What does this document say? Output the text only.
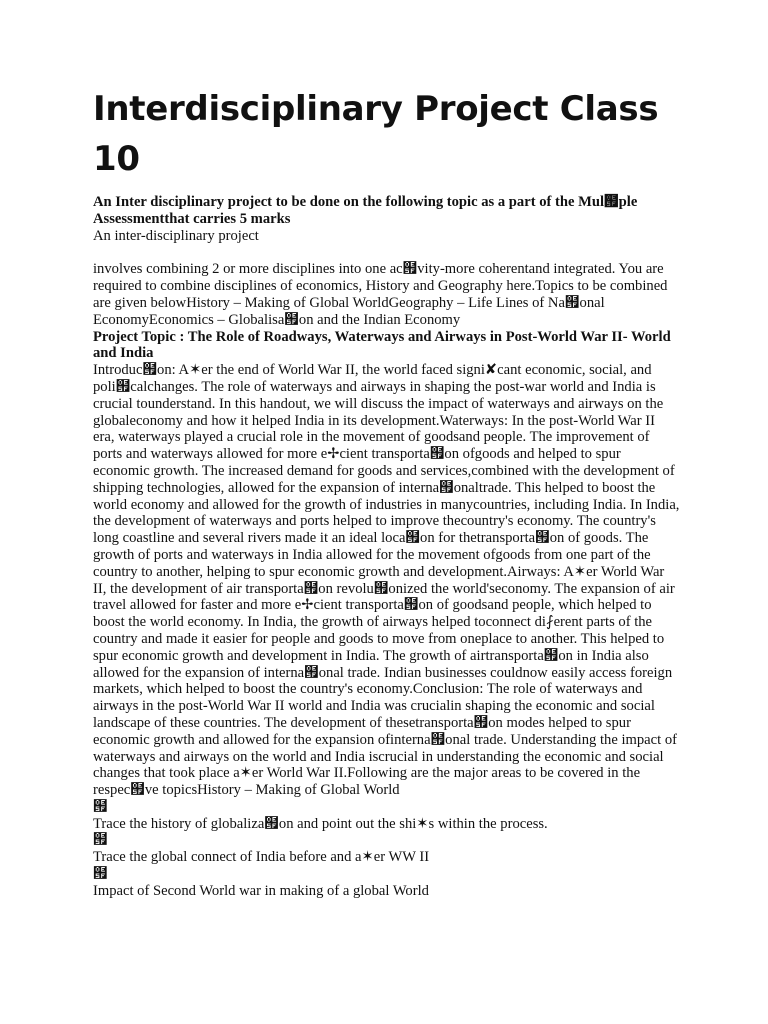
Interdisciplinary Project Class 10

An Inter disciplinary project to be done on the following topic as a part of the Mul๟ple Assessmentthat carries 5 marks

An inter-disciplinary project

involves combining 2 or more disciplines into one ac๟vity-more coherentand integrated. You are required to combine disciplines of economics, History and Geography here.Topics to be combined are given belowHistory – Making of Global WorldGeography – Life Lines of Na๟onal EconomyEconomics – Globalisa๟on and the Indian Economy

Project Topic : The Role of Roadways, Waterways and Airways in Post-World War II- World and India

Introduc๟on: A✶er the end of World War II, the world faced signi✘cant economic, social, and poli๟calchanges. The role of waterways and airways in shaping the post-war world and India is crucial tounderstand. In this handout, we will discuss the impact of waterways and airways on the globaleconomy and how it helped India in its development.Waterways: In the post-World War II era, waterways played a crucial role in the movement of goodsand people. The improvement of ports and waterways allowed for more e✢cient transporta๟on ofgoods and helped to spur economic growth. The increased demand for goods and services,combined with the development of shipping technologies, allowed for the expansion of interna๟onaltrade. This helped to boost the world economy and allowed for the growth of industries in manycountries, including India. In India, the development of waterways and ports helped to improve thecountry's economy. The country's long coastline and several rivers made it an ideal loca๟on for thetransporta๟on of goods. The growth of ports and waterways in India allowed for the movement ofgoods from one part of the country to another, helping to spur economic growth and development.Airways: A✶er World War II, the development of air transporta๟on revolu๟onized the world'seconomy. The expansion of air travel allowed for faster and more e✢cient transporta๟on of goodsand people, which helped to boost the world economy. In India, the growth of airways helped toconnect di⨏erent parts of the country and made it easier for people and goods to move from oneplace to another. This helped to spur economic growth and development in India. The growth of airtransporta๟on in India also allowed for the expansion of interna๟onal trade. Indian businesses couldnow easily access foreign markets, which helped to boost the country's economy.Conclusion: The role of waterways and airways in the post-World War II world and India was crucialin shaping the economic and social landscape of these countries. The development of thesetransporta๟on modes helped to spur economic growth and allowed for the expansion ofinterna๟onal trade. Understanding the impact of waterways and airways on the world and India iscrucial in understanding the economic and social changes that took place a✶er World War II.Following are the major areas to be covered in the respec๟ve topicsHistory – Making of Global World

๟

Trace the history of globaliza๟on and point out the shi✶s within the process.

๟

Trace the global connect of India before and a✶er WW II

๟

Impact of Second World war in making of a global World
